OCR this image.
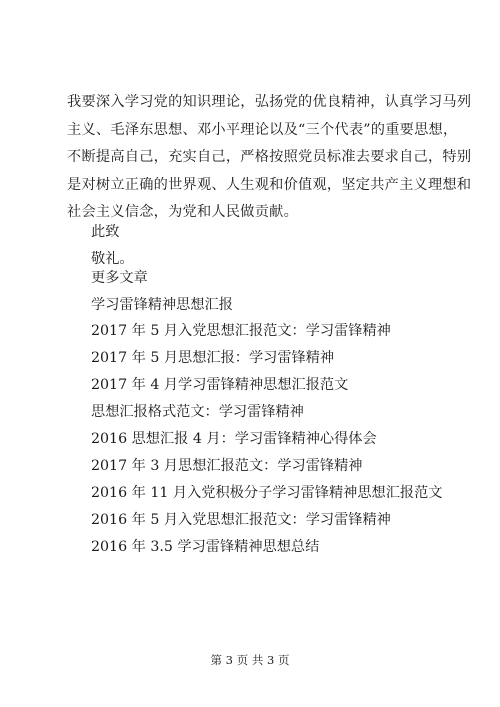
我要深入学习党的知识理论，弘扬党的优良精神，认真学习马列
主义、毛泽东思想、邓小平理论以及“三个代表”的重要思想，
不断提高自己，充实自己，严格按照党员标准去要求自己，特别
是对树立正确的世界观、人生观和价值观，坚定共产主义理想和
社会主义信念，为党和人民做贡献。
此致
敬礼。
更多文章
学习雷锋精神思想汇报
2017 年 5 月入党思想汇报范文：学习雷锋精神
2017 年 5 月思想汇报：学习雷锋精神
2017 年 4 月学习雷锋精神思想汇报范文
思想汇报格式范文：学习雷锋精神
2016 思想汇报 4 月：学习雷锋精神心得体会
2017 年 3 月思想汇报范文：学习雷锋精神
2016 年 11 月入党积极分子学习雷锋精神思想汇报范文
2016 年 5 月入党思想汇报范文：学习雷锋精神
2016 年 3.5 学习雷锋精神思想总结
第 3 页 共 3 页
